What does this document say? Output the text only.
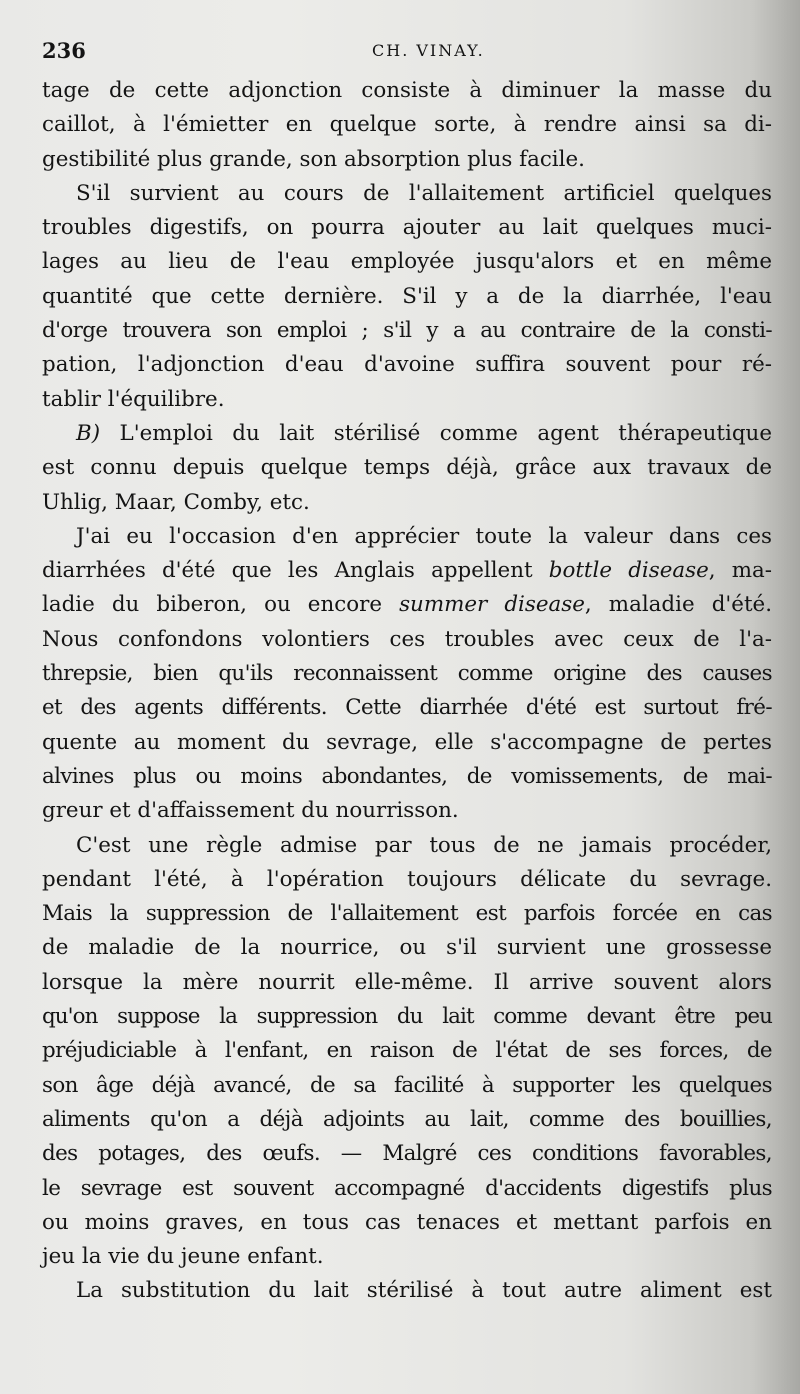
236	CH. VINAY.

tage de cette adjonction consiste à diminuer la masse du

caillot, à l'émietter en quelque sorte, à rendre ainsi sa di-

gestibilité plus grande, son absorption plus facile.

S'il survient au cours de l'allaitement artificiel quelques

troubles digestifs, on pourra ajouter au lait quelques muci-

lages au lieu de l'eau employée jusqu'alors et en même

quantité que cette dernière. S'il y a de la diarrhée, l'eau

d'orge trouvera son emploi ; s'il y a au contraire de la consti-

pation, l'adjonction d'eau d'avoine suffira souvent pour ré-

tablir l'équilibre.

B) L'emploi du lait stérilisé comme agent thérapeutique

est connu depuis quelque temps déjà, grâce aux travaux de

Uhlig, Maar, Comby, etc.

J'ai eu l'occasion d'en apprécier toute la valeur dans ces

diarrhées d'été que les Anglais appellent bottle disease, ma-

ladie du biberon, ou encore summer disease, maladie d'été.

Nous confondons volontiers ces troubles avec ceux de l'a-

threpsie, bien qu'ils reconnaissent comme origine des causes

et des agents différents. Cette diarrhée d'été est surtout fré-

quente au moment du sevrage, elle s'accompagne de pertes

alvines plus ou moins abondantes, de vomissements, de mai-

greur et d'affaissement du nourrisson.

C'est une règle admise par tous de ne jamais procéder,

pendant l'été, à l'opération toujours délicate du sevrage.

Mais la suppression de l'allaitement est parfois forcée en cas

de maladie de la nourrice, ou s'il survient une grossesse

lorsque la mère nourrit elle-même. Il arrive souvent alors

qu'on suppose la suppression du lait comme devant être peu

préjudiciable à l'enfant, en raison de l'état de ses forces, de

son âge déjà avancé, de sa facilité à supporter les quelques

aliments qu'on a déjà adjoints au lait, comme des bouillies,

des potages, des œufs. — Malgré ces conditions favorables,

le sevrage est souvent accompagné d'accidents digestifs plus

ou moins graves, en tous cas tenaces et mettant parfois en

jeu la vie du jeune enfant.

La substitution du lait stérilisé à tout autre aliment est
